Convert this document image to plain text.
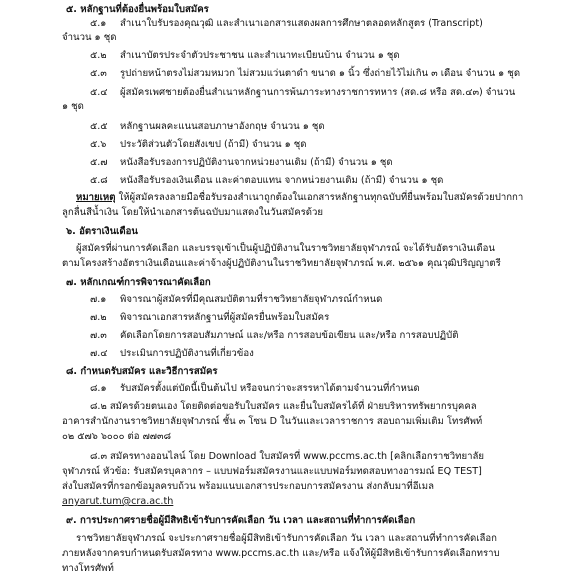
๕. หลักฐานที่ต้องยื่นพร้อมใบสมัคร
๕.๑ สำเนาใบรับรองคุณวุฒิ และสำเนาเอกสารแสดงผลการศึกษาตลอดหลักสูตร (Transcript)
จำนวน ๑ ชุด
๕.๒ สำเนาบัตรประจำตัวประชาชน และสำเนาทะเบียนบ้าน จำนวน ๑ ชุด
๕.๓ รูปถ่ายหน้าตรงไม่สวมหมวก ไม่สวมแว่นตาดำ ขนาด ๑ นิ้ว ซึ่งถ่ายไว้ไม่เกิน ๓ เดือน จำนวน ๑ ชุด
๕.๔ ผู้สมัครเพศชายต้องยื่นสำเนาหลักฐานการพ้นภาระทางราชการทหาร (สด.๘ หรือ สด.๔๓) จำนวน
๑ ชุด
๕.๕ หลักฐานผลคะแนนสอบภาษาอังกฤษ จำนวน ๑ ชุด
๕.๖ ประวัติส่วนตัวโดยสังเขป (ถ้ามี) จำนวน ๑ ชุด
๕.๗ หนังสือรับรองการปฏิบัติงานจากหน่วยงานเดิม (ถ้ามี) จำนวน ๑ ชุด
๕.๘ หนังสือรับรองเงินเดือน และค่าตอบแทน จากหน่วยงานเดิม (ถ้ามี) จำนวน ๑ ชุด
หมายเหตุ ให้ผู้สมัครลงลายมือชื่อรับรองสำเนาถูกต้องในเอกสารหลักฐานทุกฉบับที่ยื่นพร้อมใบสมัครด้วยปากกา
ลูกลื่นสีน้ำเงิน โดยให้นำเอกสารต้นฉบับมาแสดงในวันสมัครด้วย
๖. อัตราเงินเดือน
ผู้สมัครที่ผ่านการคัดเลือก และบรรจุเข้าเป็นผู้ปฏิบัติงานในราชวิทยาลัยจุฬาภรณ์ จะได้รับอัตราเงินเดือน
ตามโครงสร้างอัตราเงินเดือนและค่าจ้างผู้ปฏิบัติงานในราชวิทยาลัยจุฬาภรณ์ พ.ศ. ๒๕๖๑ คุณวุฒิปริญญาตรี
๗. หลักเกณฑ์การพิจารณาคัดเลือก
๗.๑ พิจารณาผู้สมัครที่มีคุณสมบัติตามที่ราชวิทยาลัยจุฬาภรณ์กำหนด
๗.๒ พิจารณาเอกสารหลักฐานที่ผู้สมัครยื่นพร้อมใบสมัคร
๗.๓ คัดเลือกโดยการสอบสัมภาษณ์ และ/หรือ การสอบข้อเขียน และ/หรือ การสอบปฏิบัติ
๗.๔ ประเมินการปฏิบัติงานที่เกี่ยวข้อง
๘. กำหนดรับสมัคร และวิธีการสมัคร
๘.๑ รับสมัครตั้งแต่บัดนี้เป็นต้นไป หรือจนกว่าจะสรรหาได้ตามจำนวนที่กำหนด
๘.๒ สมัครด้วยตนเอง โดยติดต่อขอรับใบสมัคร และยื่นใบสมัครได้ที่ ฝ่ายบริหารทรัพยากรบุคคล
อาคารสำนักงานราชวิทยาลัยจุฬาภรณ์ ชั้น ๓ โซน D ในวันและเวลาราชการ สอบถามเพิ่มเติม โทรศัพท์
๐๒ ๕๗๖ ๖๐๐๐ ต่อ ๗๗๓๘
๘.๓ สมัครทางออนไลน์ โดย Download ใบสมัครที่ www.pccms.ac.th [คลิกเลือกราชวิทยาลัย
จุฬาภรณ์ หัวข้อ: รับสมัครบุคลากร – แบบฟอร์มสมัครงานและแบบฟอร์มทดสอบทางอารมณ์ EQ TEST]
ส่งใบสมัครที่กรอกข้อมูลครบถ้วน พร้อมแนบเอกสารประกอบการสมัครงาน ส่งกลับมาที่อีเมล
anyarut.tum@cra.ac.th
๙. การประกาศรายชื่อผู้มีสิทธิเข้ารับการคัดเลือก วัน เวลา และสถานที่ทำการคัดเลือก
ราชวิทยาลัยจุฬาภรณ์ จะประกาศรายชื่อผู้มีสิทธิเข้ารับการคัดเลือก วัน เวลา และสถานที่ทำการคัดเลือก
ภายหลังจากครบกำหนดรับสมัครทาง www.pccms.ac.th และ/หรือ แจ้งให้ผู้มีสิทธิเข้ารับการคัดเลือกทราบ
ทางโทรศัพท์
